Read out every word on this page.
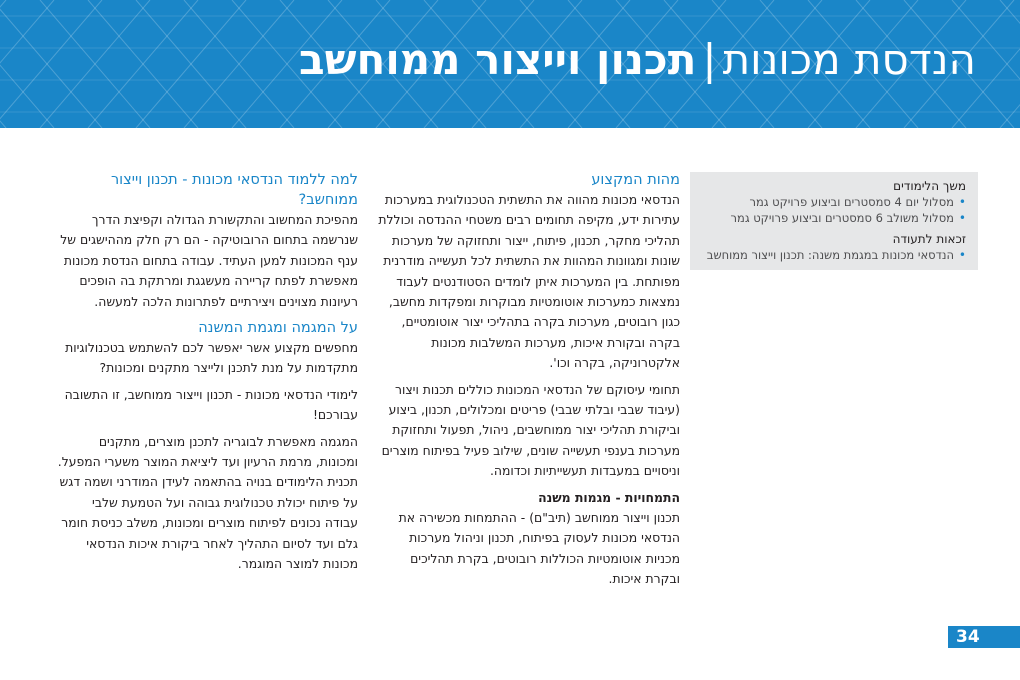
הנדסת מכונות|תכנון וייצור ממוחשב
משך הלימודים
•
מסלול יום 4 סמסטרים וביצוע פרויקט גמר
•
מסלול משולב 6 סמסטרים וביצוע פרויקט גמר
זכאות לתעודה
•
הנדסאי מכונות במגמת משנה: תכנון וייצור ממוחשב
מהות המקצוע

הנדסאי מכונות מהווה את התשתית הטכנולוגית במערכות עתירות ידע, מקיפה תחומים רבים משטחי ההנדסה וכוללת תהליכי מחקר, תכנון, פיתוח, ייצור ותחזוקה של מערכות שונות ומגוונות המהוות את התשתית לכל תעשייה מודרנית מפותחת. בין המערכות איתן לומדים הסטודנטים לעבוד נמצאות כמערכות אוטומטיות מבוקרות ומפקדות מחשב, כגון רובוטים, מערכות בקרה בתהליכי יצור אוטומטיים, בקרה ובקורת איכות, מערכות המשלבות מכונות אלקטרוניקה, בקרה וכו'.

תחומי עיסוקם של הנדסאי המכונות כוללים תכנות ויצור (עיבוד שבבי ובלתי שבבי) פריטים ומכלולים, תכנון, ביצוע וביקורת תהליכי יצור ממוחשבים, ניהול, תפעול ותחזוקת מערכות בענפי תעשייה שונים, שילוב פעיל בפיתוח מוצרים וניסויים במעבדות תעשייתיות וכדומה.

התמחויות - מגמות משנה

תכנון וייצור ממוחשב (תיב"ם) - ההתמחות מכשירה את הנדסאי מכונות לעסוק בפיתוח, תכנון וניהול מערכות מכניות אוטומטיות הכוללות רובוטים, בקרת תהליכים ובקרת איכות.

למה ללמוד הנדסאי מכונות - תכנון וייצור ממוחשב?

מהפיכת המחשוב והתקשורת הגדולה וקפיצת הדרך שנרשמה בתחום הרובוטיקה - הם רק חלק מההישגים של ענף המכונות למען העתיד. עבודה בתחום הנדסת מכונות מאפשרת לפתח קריירה מעשגגת ומרתקת בה הופכים רעיונות מצוינים ויצירתיים לפתרונות הלכה למעשה.

על המגמה ומגמת המשנה

מחפשים מקצוע אשר יאפשר לכם להשתמש בטכנולוגיות מתקדמות על מנת לתכנן ולייצר מתקנים ומכונות?

לימודי הנדסאי מכונות - תכנון וייצור ממוחשב, זו התשובה עבורכם!

המגמה מאפשרת לבוגריה לתכנן מוצרים, מתקנים ומכונות, מרמת הרעיון ועד ליציאת המוצר משערי המפעל. תכנית הלימודים בנויה בהתאמה לעידן המודרני ושמה דגש על פיתוח יכולת טכנולוגית גבוהה ועל הטמעת שלבי עבודה נכונים לפיתוח מוצרים ומכונות, משלב כניסת חומר גלם ועד לסיום התהליך לאחר ביקורת איכות הנדסאי מכונות למוצר המוגמר.

34
